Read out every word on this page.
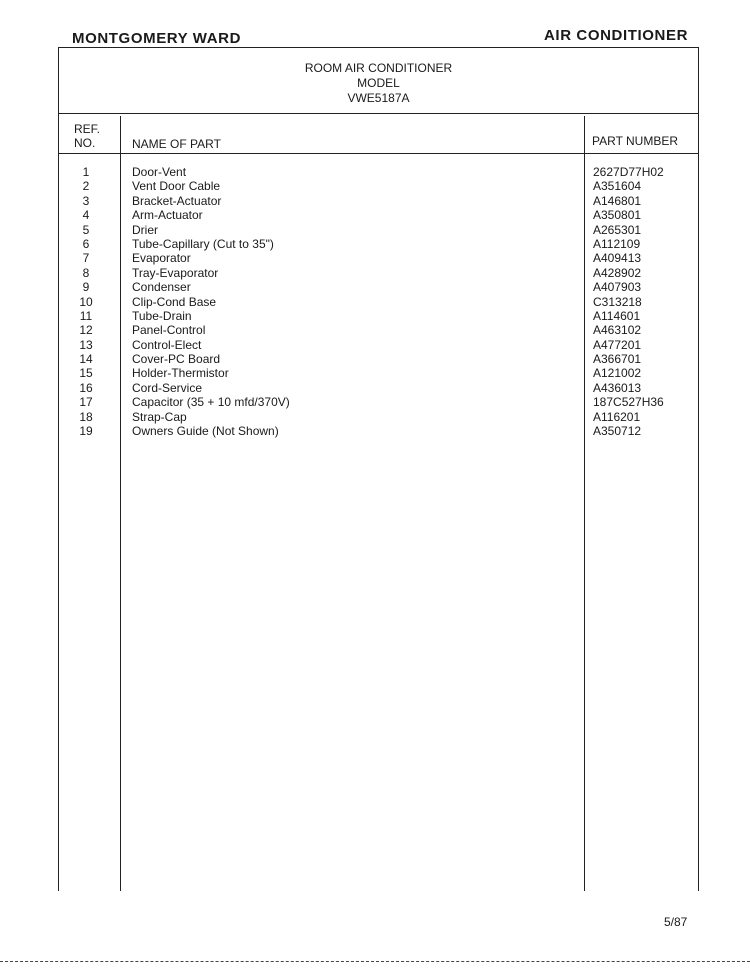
MONTGOMERY WARD	AIR CONDITIONER
ROOM AIR CONDITIONER
MODEL
VWE5187A
REF.
NO.	NAME OF PART	PART NUMBER
1	Door-Vent	2627D77H02
2	Vent Door Cable	A351604
3	Bracket-Actuator	A146801
4	Arm-Actuator	A350801
5	Drier	A265301
6	Tube-Capillary (Cut to 35")	A112109
7	Evaporator	A409413
8	Tray-Evaporator	A428902
9	Condenser	A407903
10	Clip-Cond Base	C313218
11	Tube-Drain	A114601
12	Panel-Control	A463102
13	Control-Elect	A477201
14	Cover-PC Board	A366701
15	Holder-Thermistor	A121002
16	Cord-Service	A436013
17	Capacitor (35 + 10 mfd/370V)	187C527H36
18	Strap-Cap	A116201
19	Owners Guide (Not Shown)	A350712
5/87
